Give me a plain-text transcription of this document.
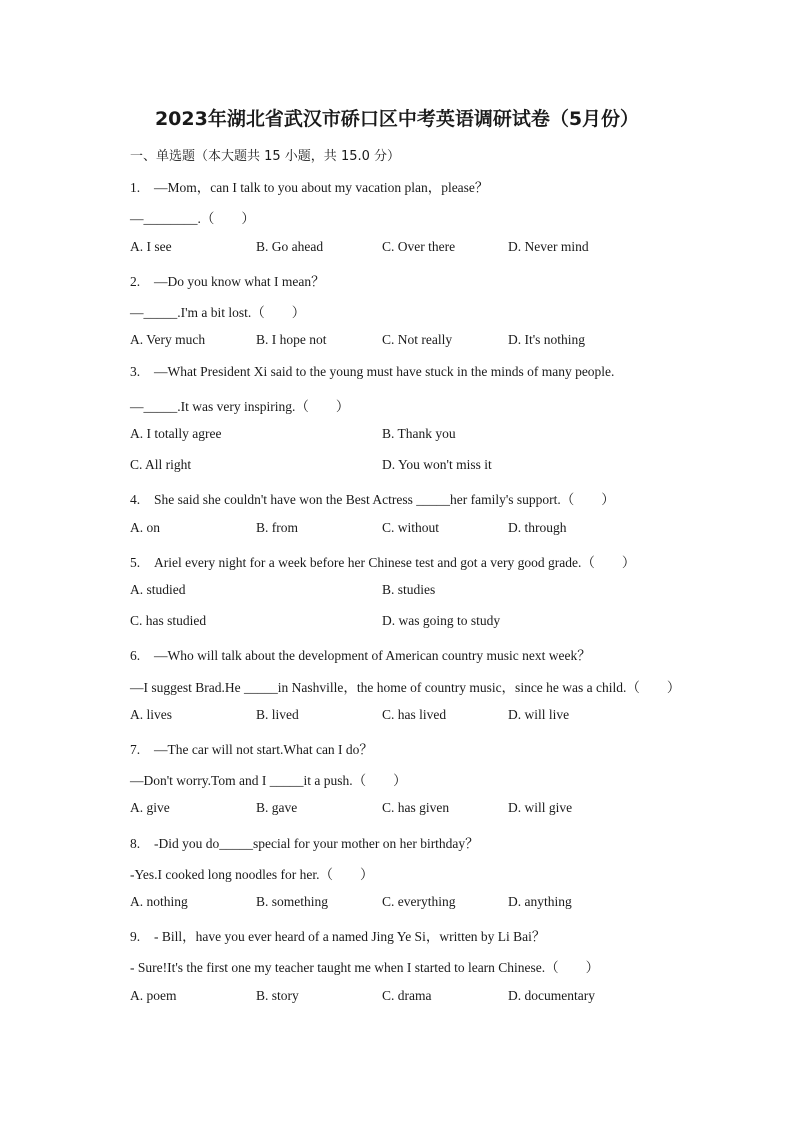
2023年湖北省武汉市硚口区中考英语调研试卷（5月份）
一、单选题（本大题共 15 小题，共 15.0 分）
1. —Mom，can I talk to you about my vacation plan，please？
—________.（　　）
A. I see	B. Go ahead	C. Over there	D. Never mind
2. —Do you know what I mean？
—_____.I'm a bit lost.（　　）
A. Very much	B. I hope not	C. Not really	D. It's nothing
3. —What President Xi said to the young must have stuck in the minds of many people.
—_____.It was very inspiring.（　　）
A. I totally agree	B. Thank you
C. All right	D. You won't miss it
4. She said she couldn't have won the Best Actress _____her family's support.（　　）
A. on	B. from	C. without	D. through
5. Ariel every night for a week before her Chinese test and got a very good grade.（　　）
A. studied	B. studies
C. has studied	D. was going to study
6. —Who will talk about the development of American country music next week？
—I suggest Brad.He _____in Nashville，the home of country music，since he was a child.（　　）
A. lives	B. lived	C. has lived	D. will live
7. —The car will not start.What can I do？
—Don't worry.Tom and I _____it a push.（　　）
A. give	B. gave	C. has given	D. will give
8. -Did you do_____special for your mother on her birthday？
-Yes.I cooked long noodles for her.（　　）
A. nothing	B. something	C. everything	D. anything
9. - Bill，have you ever heard of a named Jing Ye Si，written by Li Bai？
- Sure!It's the first one my teacher taught me when I started to learn Chinese.（　　）
A. poem	B. story	C. drama	D. documentary
